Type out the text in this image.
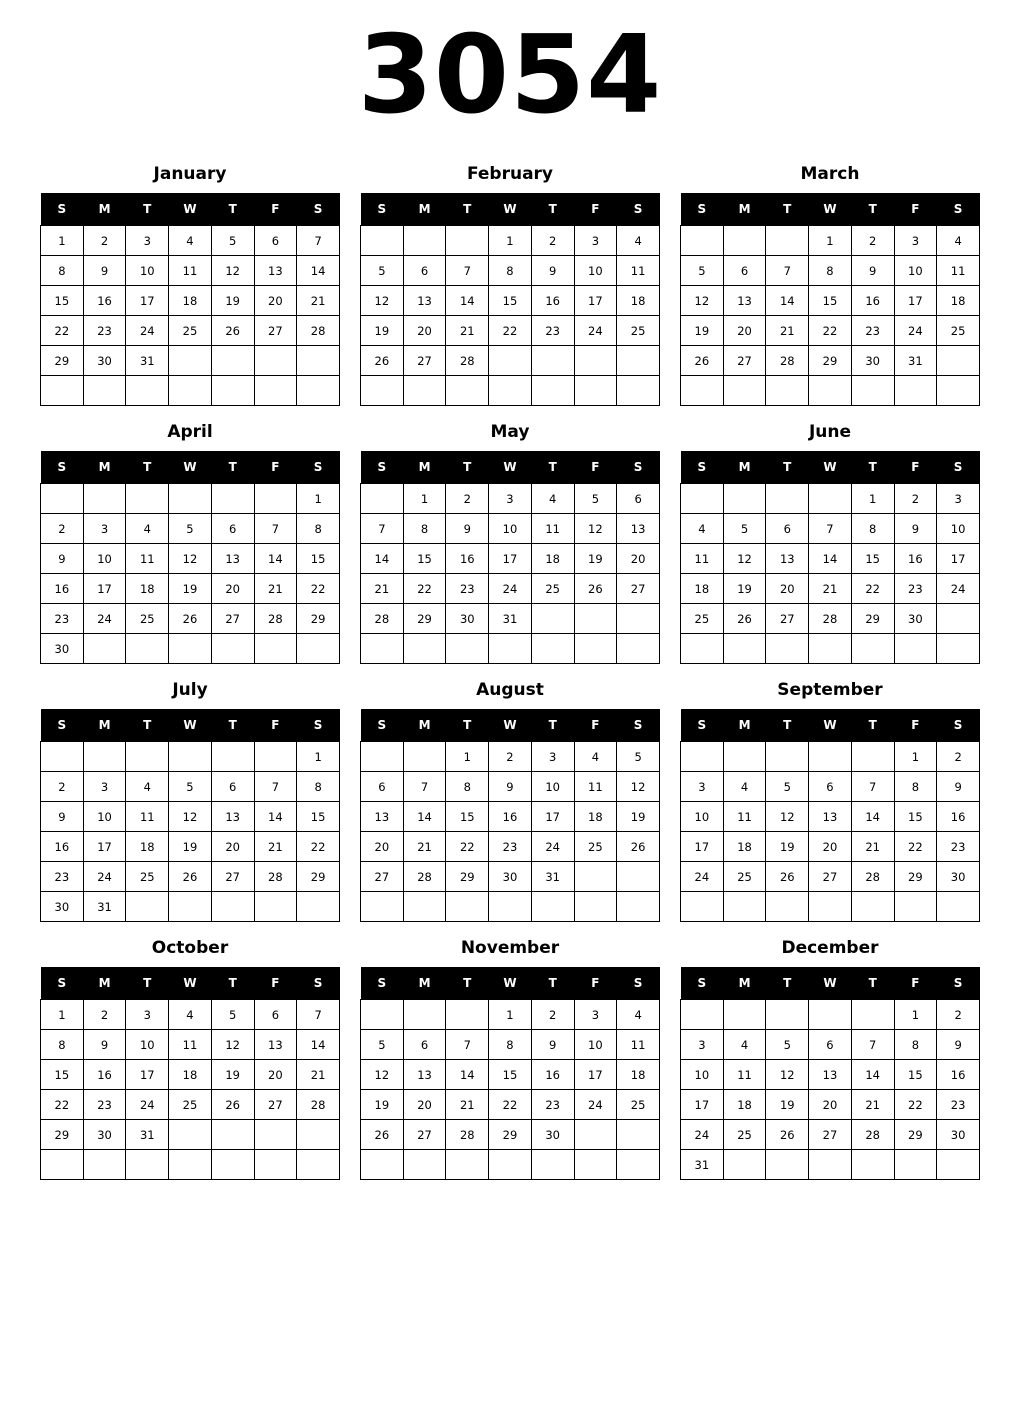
3054
January
S	M	T	W	T	F	S
1	2	3	4	5	6	7
8	9	10	11	12	13	14
15	16	17	18	19	20	21
22	23	24	25	26	27	28
29	30	31				

February
S	M	T	W	T	F	S
			1	2	3	4
5	6	7	8	9	10	11
12	13	14	15	16	17	18
19	20	21	22	23	24	25
26	27	28				

March
S	M	T	W	T	F	S
			1	2	3	4
5	6	7	8	9	10	11
12	13	14	15	16	17	18
19	20	21	22	23	24	25
26	27	28	29	30	31	

April
S	M	T	W	T	F	S
						1
2	3	4	5	6	7	8
9	10	11	12	13	14	15
16	17	18	19	20	21	22
23	24	25	26	27	28	29
30						
May
S	M	T	W	T	F	S
	1	2	3	4	5	6
7	8	9	10	11	12	13
14	15	16	17	18	19	20
21	22	23	24	25	26	27
28	29	30	31			

June
S	M	T	W	T	F	S
				1	2	3
4	5	6	7	8	9	10
11	12	13	14	15	16	17
18	19	20	21	22	23	24
25	26	27	28	29	30	

July
S	M	T	W	T	F	S
						1
2	3	4	5	6	7	8
9	10	11	12	13	14	15
16	17	18	19	20	21	22
23	24	25	26	27	28	29
30	31					
August
S	M	T	W	T	F	S
		1	2	3	4	5
6	7	8	9	10	11	12
13	14	15	16	17	18	19
20	21	22	23	24	25	26
27	28	29	30	31		

September
S	M	T	W	T	F	S
					1	2
3	4	5	6	7	8	9
10	11	12	13	14	15	16
17	18	19	20	21	22	23
24	25	26	27	28	29	30

October
S	M	T	W	T	F	S
1	2	3	4	5	6	7
8	9	10	11	12	13	14
15	16	17	18	19	20	21
22	23	24	25	26	27	28
29	30	31				

November
S	M	T	W	T	F	S
			1	2	3	4
5	6	7	8	9	10	11
12	13	14	15	16	17	18
19	20	21	22	23	24	25
26	27	28	29	30		

December
S	M	T	W	T	F	S
					1	2
3	4	5	6	7	8	9
10	11	12	13	14	15	16
17	18	19	20	21	22	23
24	25	26	27	28	29	30
31						
